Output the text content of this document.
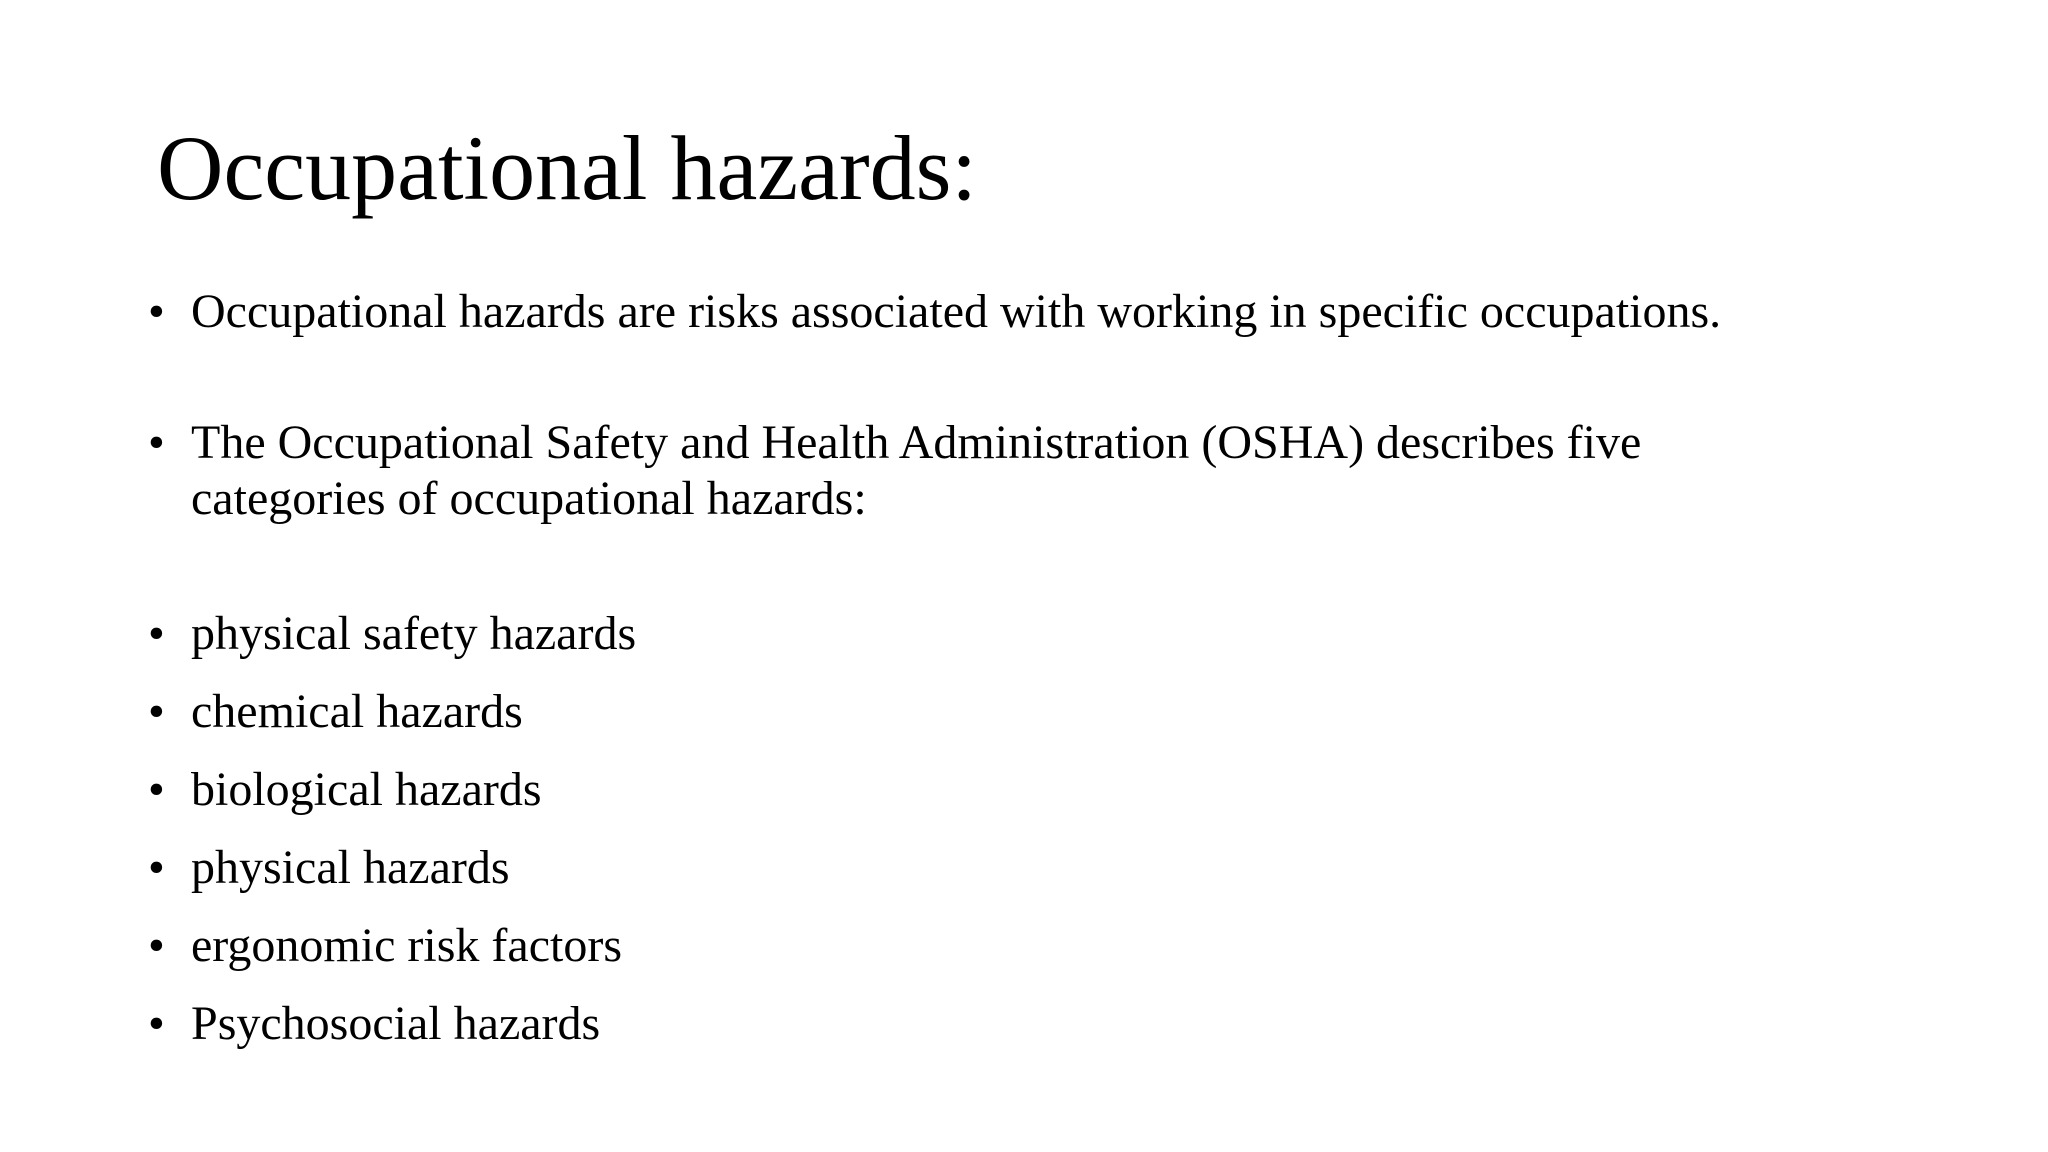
Occupational hazards:
• Occupational hazards are risks associated with working in specific occupations.
• The Occupational Safety and Health Administration (OSHA) describes five categories of occupational hazards:
• physical safety hazards
• chemical hazards
• biological hazards
• physical hazards
• ergonomic risk factors
• Psychosocial hazards
